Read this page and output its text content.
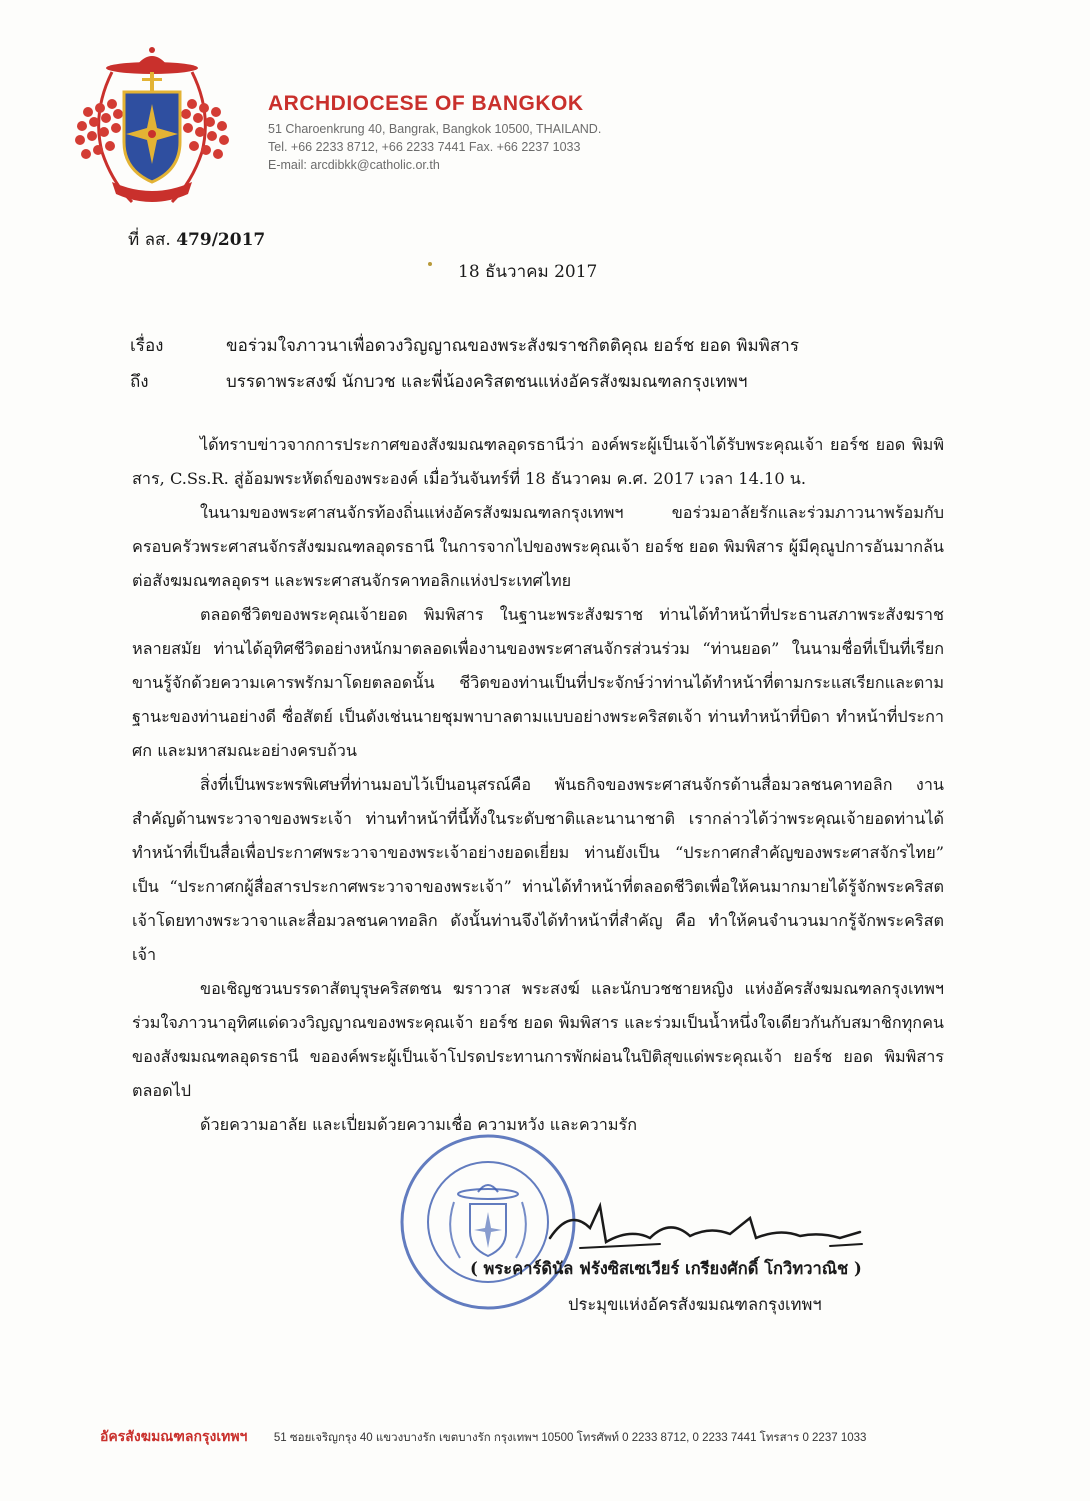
ARCHDIOCESE OF BANGKOK
51 Charoenkrung 40, Bangrak, Bangkok 10500, THAILAND.
Tel. +66 2233 8712, +66 2233 7441 Fax. +66 2237 1033
E-mail: arcdibkk@catholic.or.th
ที่ ลส. 479/2017
18 ธันวาคม 2017
เรื่อง	ขอร่วมใจภาวนาเพื่อดวงวิญญาณของพระสังฆราชกิตติคุณ ยอร์ช ยอด พิมพิสาร
ถึง	บรรดาพระสงฆ์ นักบวช และพี่น้องคริสตชนแห่งอัครสังฆมณฑลกรุงเทพฯ

ได้ทราบข่าวจากการประกาศของสังฆมณฑลอุดรธานีว่า องค์พระผู้เป็นเจ้าได้รับพระคุณเจ้า ยอร์ช ยอด พิมพิสาร, C.Ss.R. สู่อ้อมพระหัตถ์ของพระองค์ เมื่อวันจันทร์ที่ 18 ธันวาคม ค.ศ. 2017 เวลา 14.10 น.

ในนามของพระศาสนจักรท้องถิ่นแห่งอัครสังฆมณฑลกรุงเทพฯ ขอร่วมอาลัยรักและร่วมภาวนาพร้อมกับครอบครัวพระศาสนจักรสังฆมณฑลอุดรธานี ในการจากไปของพระคุณเจ้า ยอร์ช ยอด พิมพิสาร ผู้มีคุณูปการอันมากล้นต่อสังฆมณฑลอุดรฯ และพระศาสนจักรคาทอลิกแห่งประเทศไทย

ตลอดชีวิตของพระคุณเจ้ายอด พิมพิสาร ในฐานะพระสังฆราช ท่านได้ทำหน้าที่ประธานสภาพระสังฆราชหลายสมัย ท่านได้อุทิศชีวิตอย่างหนักมาตลอดเพื่องานของพระศาสนจักรส่วนร่วม “ท่านยอด” ในนามชื่อที่เป็นที่เรียกขานรู้จักด้วยความเคารพรักมาโดยตลอดนั้น ชีวิตของท่านเป็นที่ประจักษ์ว่าท่านได้ทำหน้าที่ตามกระแสเรียกและตามฐานะของท่านอย่างดี ซื่อสัตย์ เป็นดังเช่นนายชุมพาบาลตามแบบอย่างพระคริสตเจ้า ท่านทำหน้าที่บิดา ทำหน้าที่ประกาศก และมหาสมณะอย่างครบถ้วน

สิ่งที่เป็นพระพรพิเศษที่ท่านมอบไว้เป็นอนุสรณ์คือ พันธกิจของพระศาสนจักรด้านสื่อมวลชนคาทอลิก งานสำคัญด้านพระวาจาของพระเจ้า ท่านทำหน้าที่นี้ทั้งในระดับชาติและนานาชาติ เรากล่าวได้ว่าพระคุณเจ้ายอดท่านได้ทำหน้าที่เป็นสื่อเพื่อประกาศพระวาจาของพระเจ้าอย่างยอดเยี่ยม ท่านยังเป็น “ประกาศกสำคัญของพระศาสจักรไทย” เป็น “ประกาศกผู้สื่อสารประกาศพระวาจาของพระเจ้า” ท่านได้ทำหน้าที่ตลอดชีวิตเพื่อให้คนมากมายได้รู้จักพระคริสตเจ้าโดยทางพระวาจาและสื่อมวลชนคาทอลิก ดังนั้นท่านจึงได้ทำหน้าที่สำคัญ คือ ทำให้คนจำนวนมากรู้จักพระคริสตเจ้า

ขอเชิญชวนบรรดาสัตบุรุษคริสตชน ฆราวาส พระสงฆ์ และนักบวชชายหญิง แห่งอัครสังฆมณฑลกรุงเทพฯ ร่วมใจภาวนาอุทิศแด่ดวงวิญญาณของพระคุณเจ้า ยอร์ช ยอด พิมพิสาร และร่วมเป็นน้ำหนึ่งใจเดียวกันกับสมาชิกทุกคนของสังฆมณฑลอุดรธานี ขอองค์พระผู้เป็นเจ้าโปรดประทานการพักผ่อนในปิติสุขแด่พระคุณเจ้า ยอร์ช ยอด พิมพิสาร ตลอดไป

ด้วยความอาลัย และเปี่ยมด้วยความเชื่อ ความหวัง และความรัก

( พระคาร์ดินัล ฟรังซิสเซเวียร์ เกรียงศักดิ์ โกวิทวาณิช )
ประมุขแห่งอัครสังฆมณฑลกรุงเทพฯ
อัครสังฆมณฑลกรุงเทพฯ 51 ซอยเจริญกรุง 40 แขวงบางรัก เขตบางรัก กรุงเทพฯ 10500 โทรศัพท์ 0 2233 8712, 0 2233 7441 โทรสาร 0 2237 1033
